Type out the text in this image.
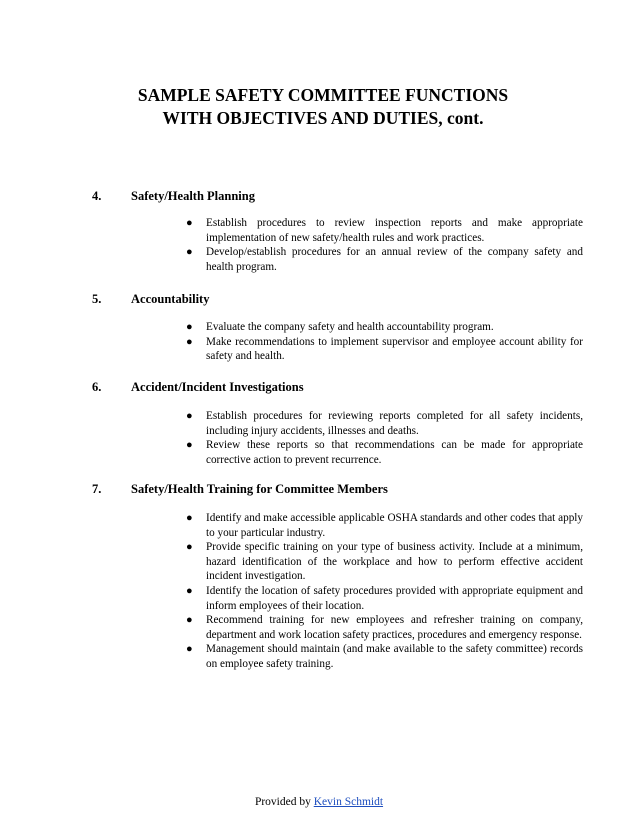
SAMPLE SAFETY COMMITTEE FUNCTIONS
WITH OBJECTIVES AND DUTIES, cont.
4. Safety/Health Planning
● Establish procedures to review inspection reports and make appropriate implementation of new safety/health rules and work practices.
● Develop/establish procedures for an annual review of the company safety and health program.
5. Accountability
● Evaluate the company safety and health accountability program.
● Make recommendations to implement supervisor and employee account ability for safety and health.
6. Accident/Incident Investigations
● Establish procedures for reviewing reports completed for all safety incidents, including injury accidents, illnesses and deaths.
● Review these reports so that recommendations can be made for appropriate corrective action to prevent recurrence.
7. Safety/Health Training for Committee Members
● Identify and make accessible applicable OSHA standards and other codes that apply to your particular industry.
● Provide specific training on your type of business activity. Include at a minimum, hazard identification of the workplace and how to perform effective accident incident investigation.
● Identify the location of safety procedures provided with appropriate equipment and inform employees of their location.
● Recommend training for new employees and refresher training on company, department and work location safety practices, procedures and emergency response.
● Management should maintain (and make available to the safety committee) records on employee safety training.
Provided by Kevin Schmidt
